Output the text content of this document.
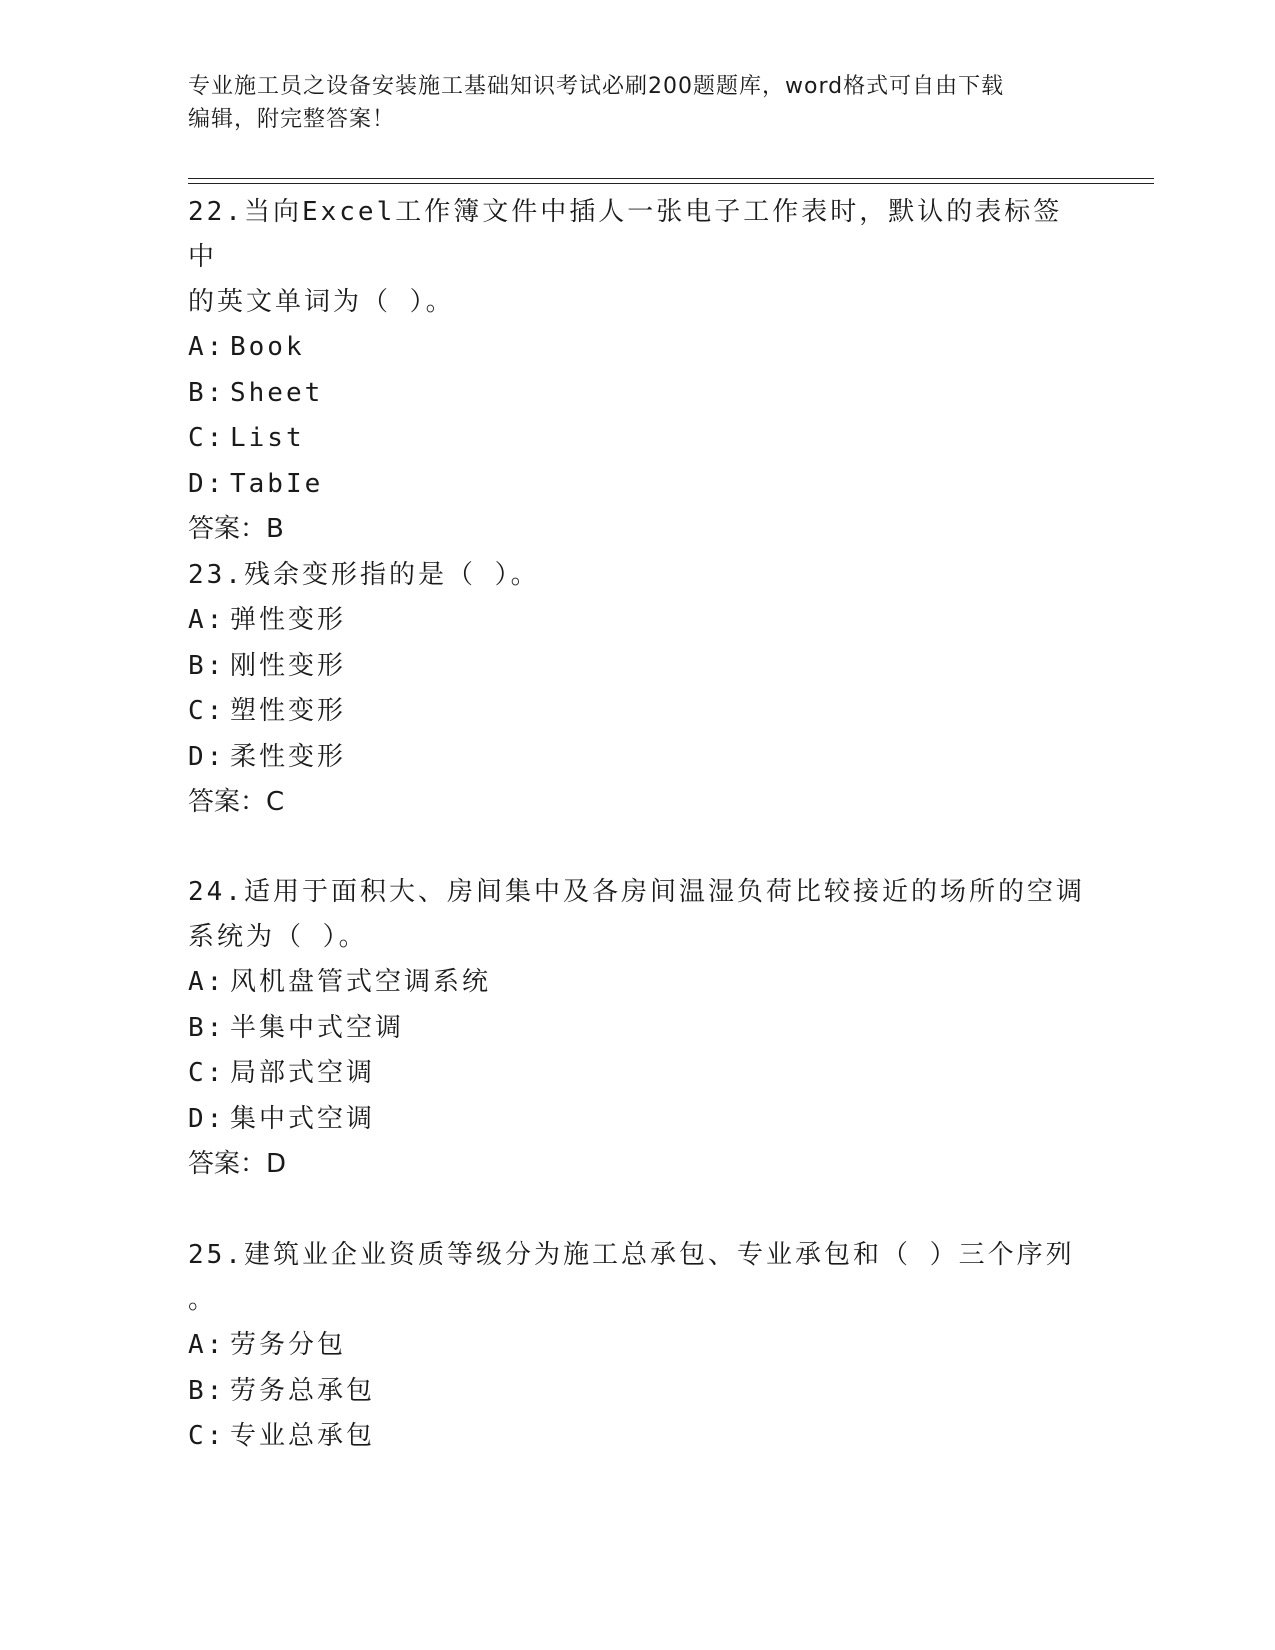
专业施工员之设备安装施工基础知识考试必刷200题题库，word格式可自由下载
编辑，附完整答案！

22.当向Excel工作簿文件中插人一张电子工作表时，默认的表标签中

的英文单词为（ ）。

A: Book

B: Sheet

C: List

D: TabIe

答案：B

23.残余变形指的是（ ）。

A: 弹性变形

B: 刚性变形

C: 塑性变形

D: 柔性变形

答案：C

24.适用于面积大、房间集中及各房间温湿负荷比较接近的场所的空调

系统为（ ）。

A: 风机盘管式空调系统

B: 半集中式空调

C: 局部式空调

D: 集中式空调

答案：D

25.建筑业企业资质等级分为施工总承包、专业承包和（ ）三个序列

。

A: 劳务分包

B: 劳务总承包

C: 专业总承包
